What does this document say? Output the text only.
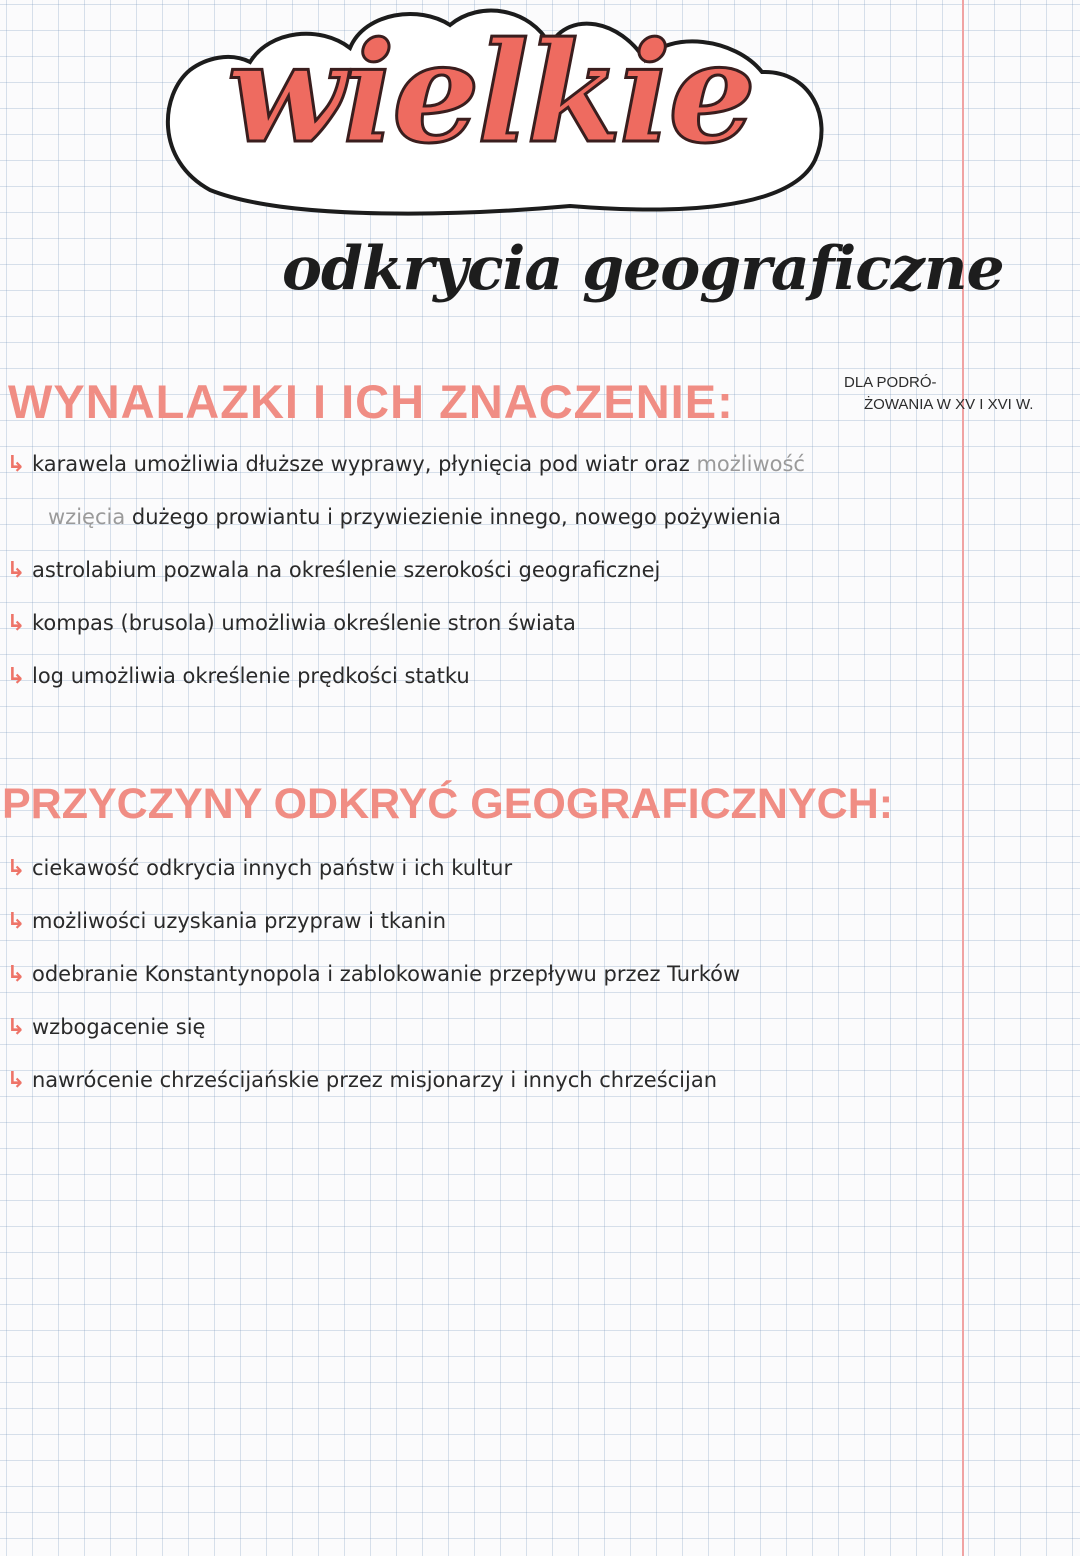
wielkie
odkrycia geograficzne
WYNALAZKI I ICH ZNACZENIE:	DLA PODRÓ-
ŻOWANIA W XV I XVI W.
↳ karawela umożliwia dłuższe wyprawy, płynięcia pod wiatr oraz możliwość
wzięcia dużego prowiantu i przywiezienie innego, nowego pożywienia
↳ astrolabium pozwala na określenie szerokości geograficznej
↳ kompas (brusola) umożliwia określenie stron świata
↳ log umożliwia określenie prędkości statku
PRZYCZYNY ODKRYĆ GEOGRAFICZNYCH:
↳ ciekawość odkrycia innych państw i ich kultur
↳ możliwości uzyskania przypraw i tkanin
↳ odebranie Konstantynopola i zablokowanie przepływu przez Turków
↳ wzbogacenie się
↳ nawrócenie chrześcijańskie przez misjonarzy i innych chrześcijan
